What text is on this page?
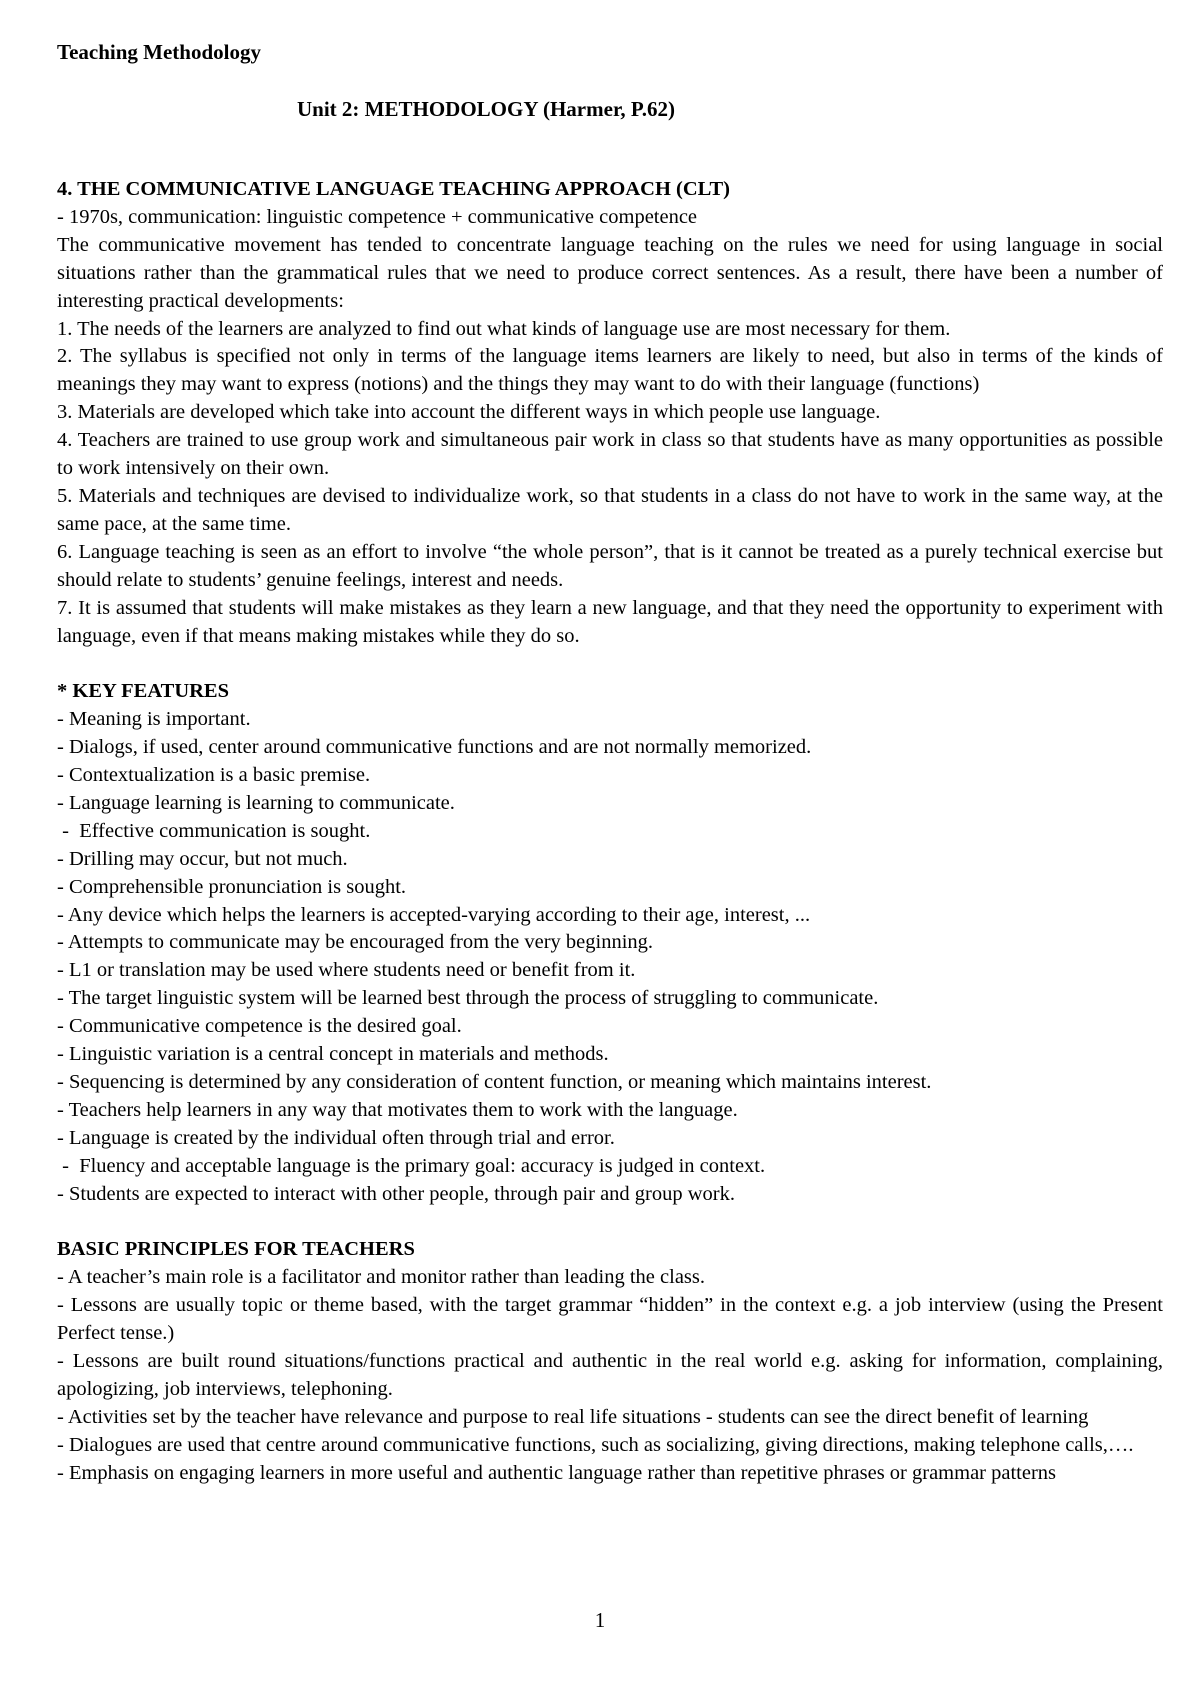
Teaching Methodology
Unit 2: METHODOLOGY (Harmer, P.62)

4. THE COMMUNICATIVE LANGUAGE TEACHING APPROACH (CLT)

- 1970s, communication: linguistic competence + communicative competence

The communicative movement has tended to concentrate language teaching on the rules we need for using language in social situations rather than the grammatical rules that we need to produce correct sentences. As a result, there have been a number of interesting practical developments:

1. The needs of the learners are analyzed to find out what kinds of language use are most necessary for them.

2. The syllabus is specified not only in terms of the language items learners are likely to need, but also in terms of the kinds of meanings they may want to express (notions) and the things they may want to do with their language (functions)

3. Materials are developed which take into account the different ways in which people use language.

4. Teachers are trained to use group work and simultaneous pair work in class so that students have as many opportunities as possible to work intensively on their own.

5. Materials and techniques are devised to individualize work, so that students in a class do not have to work in the same way, at the same pace, at the same time.

6. Language teaching is seen as an effort to involve “the whole person”, that is it cannot be treated as a purely technical exercise but should relate to students’ genuine feelings, interest and needs.

7. It is assumed that students will make mistakes as they learn a new language, and that they need the opportunity to experiment with language, even if that means making mistakes while they do so.

* KEY FEATURES

- Meaning is important.

- Dialogs, if used, center around communicative functions and are not normally memorized.

- Contextualization is a basic premise.

- Language learning is learning to communicate.

-  Effective communication is sought.

- Drilling may occur, but not much.

- Comprehensible pronunciation is sought.

- Any device which helps the learners is accepted-varying according to their age, interest, ...

- Attempts to communicate may be encouraged from the very beginning.

- L1 or translation may be used where students need or benefit from it.

- The target linguistic system will be learned best through the process of struggling to communicate.

- Communicative competence is the desired goal.

- Linguistic variation is a central concept in materials and methods.

- Sequencing is determined by any consideration of content function, or meaning which maintains interest.

- Teachers help learners in any way that motivates them to work with the language.

- Language is created by the individual often through trial and error.

-  Fluency and acceptable language is the primary goal: accuracy is judged in context.

- Students are expected to interact with other people, through pair and group work.

BASIC PRINCIPLES FOR TEACHERS

- A teacher’s main role is a facilitator and monitor rather than leading the class.

- Lessons are usually topic or theme based, with the target grammar “hidden” in the context e.g. a job interview (using the Present Perfect tense.)

- Lessons are built round situations/functions practical and authentic in the real world e.g. asking for information, complaining, apologizing, job interviews, telephoning.

- Activities set by the teacher have relevance and purpose to real life situations - students can see the direct benefit of learning

- Dialogues are used that centre around communicative functions, such as socializing, giving directions, making telephone calls,….

- Emphasis on engaging learners in more useful and authentic language rather than repetitive phrases or grammar patterns

1
